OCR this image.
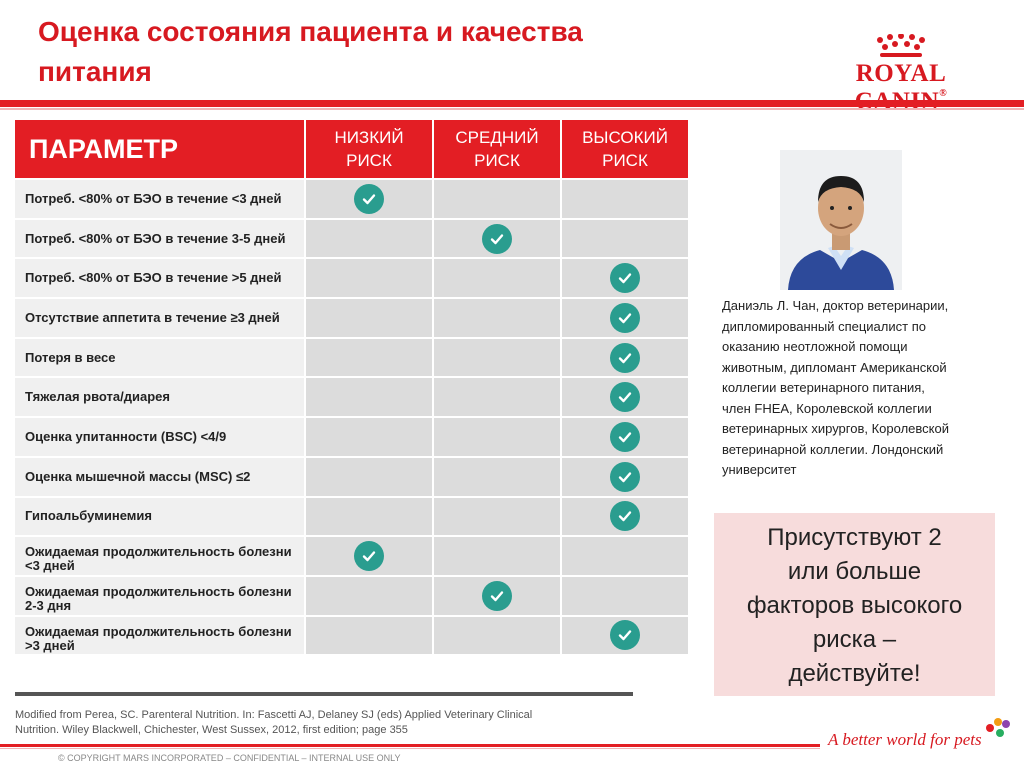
Оценка состояния пациента и качества
питания	ROYAL ®
ПАРАМЕТР	НИЗКИЙ
РИСК
СРЕДНИЙ
РИСК
ВЫСОКИЙ
РИСК
Потреб. <80% от БЭО в течение <3 дней
Потреб. <80% от БЭО в течение 3-5 дней
Потреб. <80% от БЭО в течение >5 дней
Отсутствие аппетита в течение ≥3 дней
Потеря в весе
Тяжелая рвота/диарея
Оценка упитанности (BSC) <4/9
Оценка мышечной массы (MSC) ≤2
Гипоальбуминемия
Ожидаемая продолжительность болезни
<3 дней
Ожидаемая продолжительность болезни
2-3 дня
Ожидаемая продолжительность болезни
>3 дней
Modified from Perea, SC. Parenteral Nutrition. In: Fascetti AJ, Delaney SJ (eds) Applied Veterinary Clinical
Nutrition. Wiley Blackwell, Chichester, West Sussex, 2012, first edition; page 355
Даниэль Л. Чан, доктор ветеринарии,
дипломированный специалист по
оказанию неотложной помощи
животным, дипломант Американской
коллегии ветеринарного питания,
член FHEA, Королевской коллегии
ветеринарных хирургов, Королевской
ветеринарной коллегии. Лондонский
университет
Присутствуют 2
или больше
факторов высокого
риска –
действуйте!
© COPYRIGHT MARS INCORPORATED – CONFIDENTIAL – INTERNAL USE ONLY
A better world for pets
